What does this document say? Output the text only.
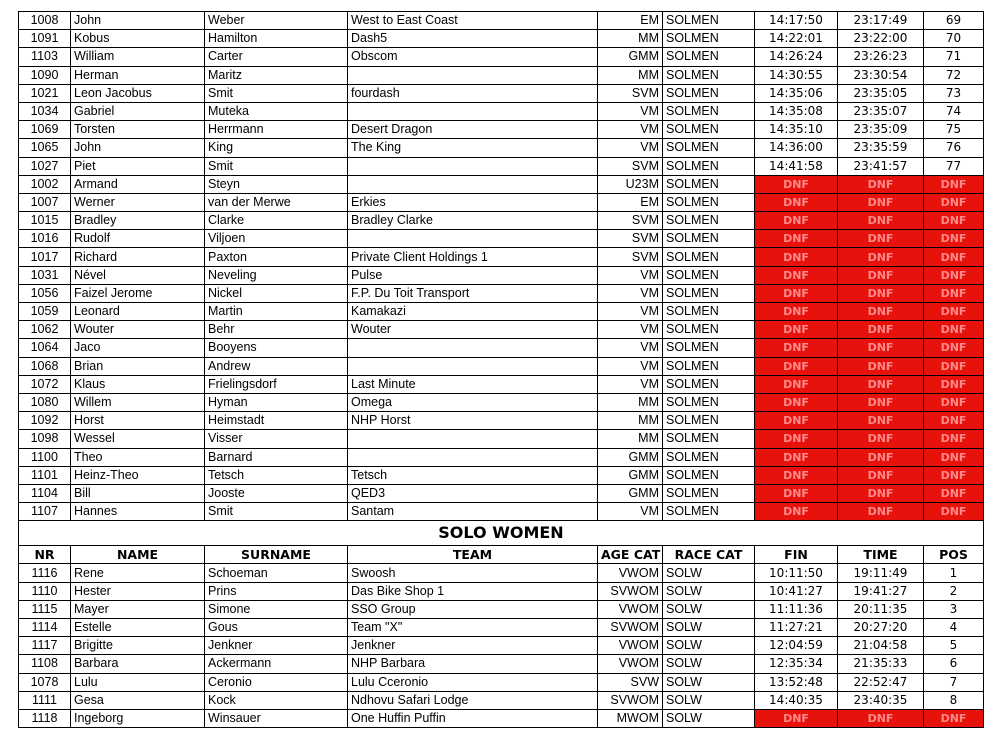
1008	John	Weber	West to East Coast	EM	SOLMEN	14:17:50	23:17:49	69
1091	Kobus	Hamilton	Dash5	MM	SOLMEN	14:22:01	23:22:00	70
1103	William	Carter	Obscom	GMM	SOLMEN	14:26:24	23:26:23	71
1090	Herman	Maritz		MM	SOLMEN	14:30:55	23:30:54	72
1021	Leon Jacobus	Smit	fourdash	SVM	SOLMEN	14:35:06	23:35:05	73
1034	Gabriel	Muteka		VM	SOLMEN	14:35:08	23:35:07	74
1069	Torsten	Herrmann	Desert Dragon	VM	SOLMEN	14:35:10	23:35:09	75
1065	John	King	The King	VM	SOLMEN	14:36:00	23:35:59	76
1027	Piet	Smit		SVM	SOLMEN	14:41:58	23:41:57	77
1002	Armand	Steyn		U23M	SOLMEN	DNF	DNF	DNF
1007	Werner	van der Merwe	Erkies	EM	SOLMEN	DNF	DNF	DNF
1015	Bradley	Clarke	Bradley Clarke	SVM	SOLMEN	DNF	DNF	DNF
1016	Rudolf	Viljoen		SVM	SOLMEN	DNF	DNF	DNF
1017	Richard	Paxton	Private Client Holdings 1	SVM	SOLMEN	DNF	DNF	DNF
1031	Nével	Neveling	Pulse	VM	SOLMEN	DNF	DNF	DNF
1056	Faizel Jerome	Nickel	F.P. Du Toit Transport	VM	SOLMEN	DNF	DNF	DNF
1059	Leonard	Martin	Kamakazi	VM	SOLMEN	DNF	DNF	DNF
1062	Wouter	Behr	Wouter	VM	SOLMEN	DNF	DNF	DNF
1064	Jaco	Booyens		VM	SOLMEN	DNF	DNF	DNF
1068	Brian	Andrew		VM	SOLMEN	DNF	DNF	DNF
1072	Klaus	Frielingsdorf	Last Minute	VM	SOLMEN	DNF	DNF	DNF
1080	Willem	Hyman	Omega	MM	SOLMEN	DNF	DNF	DNF
1092	Horst	Heimstadt	NHP Horst	MM	SOLMEN	DNF	DNF	DNF
1098	Wessel	Visser		MM	SOLMEN	DNF	DNF	DNF
1100	Theo	Barnard		GMM	SOLMEN	DNF	DNF	DNF
1101	Heinz-Theo	Tetsch	Tetsch	GMM	SOLMEN	DNF	DNF	DNF
1104	Bill	Jooste	QED3	GMM	SOLMEN	DNF	DNF	DNF
1107	Hannes	Smit	Santam	VM	SOLMEN	DNF	DNF	DNF
SOLO WOMEN								
NR	NAME	SURNAME	TEAM	AGE CAT	RACE CAT	FIN	TIME	POS
1116	Rene	Schoeman	Swoosh	VWOM	SOLW	10:11:50	19:11:49	1
1110	Hester	Prins	Das Bike Shop 1	SVWOM	SOLW	10:41:27	19:41:27	2
1115	Mayer	Simone	SSO Group	VWOM	SOLW	11:11:36	20:11:35	3
1114	Estelle	Gous	Team "X"	SVWOM	SOLW	11:27:21	20:27:20	4
1117	Brigitte	Jenkner	Jenkner	VWOM	SOLW	12:04:59	21:04:58	5
1108	Barbara	Ackermann	NHP Barbara	VWOM	SOLW	12:35:34	21:35:33	6
1078	Lulu	Ceronio	Lulu Cceronio	SVW	SOLW	13:52:48	22:52:47	7
1111	Gesa	Kock	Ndhovu Safari Lodge	SVWOM	SOLW	14:40:35	23:40:35	8
1118	Ingeborg	Winsauer	One Huffin Puffin	MWOM	SOLW	DNF	DNF	DNF
